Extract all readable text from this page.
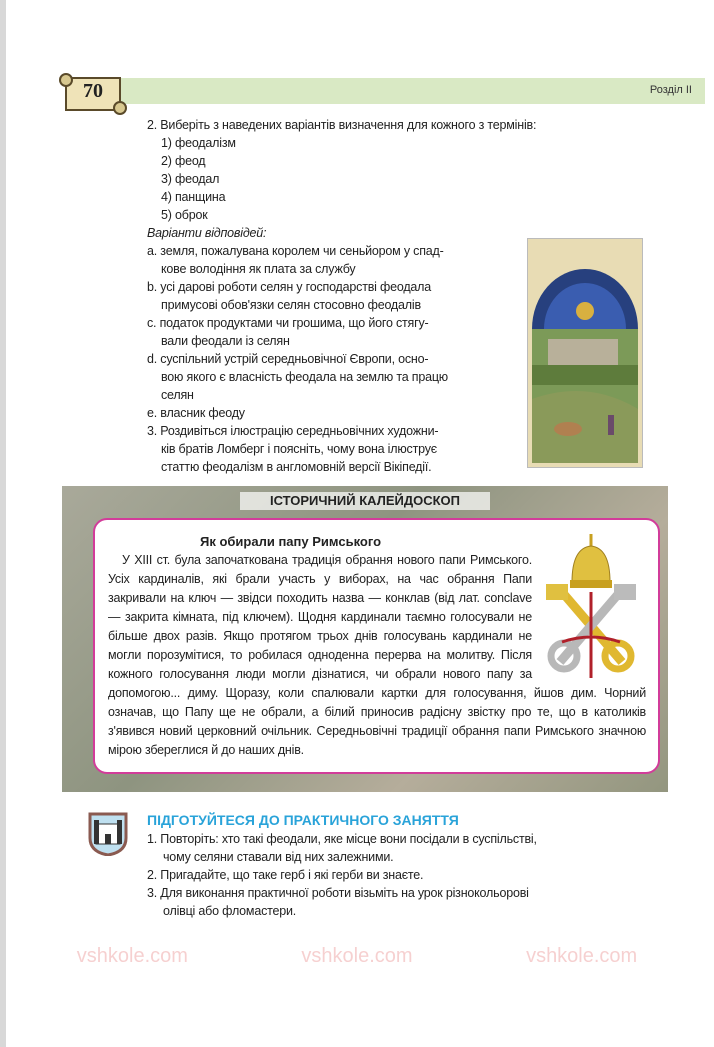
70	Розділ II
2. Виберіть з наведених варіантів визначення для кожного з термінів:
1) феодалізм
2) феод
3) феодал
4) панщина
5) оброк
Варіанти відповідей:
a. земля, пожалувана королем чи сеньйором у спад-
кове володіння як плата за службу
b. усі дарові роботи селян у господарстві феодала
примусові обов'язки селян стосовно феодалів
c. податок продуктами чи грошима, що його стягу-
вали феодали із селян
d. суспільний устрій середньовічної Європи, осно-
вою якого є власність феодала на землю та працю
селян
e. власник феоду
3. Роздивіться ілюстрацію середньовічних художни-
ків братів Ломберг і поясніть, чому вона ілюструє
статтю феодалізм в англомовній версії Вікіпедії.
ІСТОРИЧНИЙ КАЛЕЙДОСКОП
Як обирали папу Римського
У XIII ст. була започаткована традиція обрання нового папи Римського. Усіх кардиналів, які брали участь у виборах, на час обрання Папи закривали на ключ — звідси походить назва — конклав (від лат. conclave — закрита кімната, під ключем). Щодня кардинали таємно голосували не більше двох разів. Якщо протягом трьох днів голосувань кардинали не могли порозумітися, то робилася одноденна перерва на молитву. Після кожного голосування люди могли дізнатися, чи обрали нового папу за допомогою... диму. Щоразу, коли спалювали картки для голосування, йшов дим. Чорний означав, що Папу ще не обрали, а білий приносив радісну звістку про те, що в католиків з'явився новий церковний очільник. Середньовічні традиції обрання папи Римського значною мірою збереглися й до наших днів.
ПІДГОТУЙТЕСЯ ДО ПРАКТИЧНОГО ЗАНЯТТЯ
1. Повторіть: хто такі феодали, яке місце вони посідали в суспільстві,
чому селяни ставали від них залежними.
2. Пригадайте, що таке герб і які герби ви знаєте.
3. Для виконання практичної роботи візьміть на урок різнокольорові
олівці або фломастери.
vshkole.com	vshkole.com	vshkole.com
